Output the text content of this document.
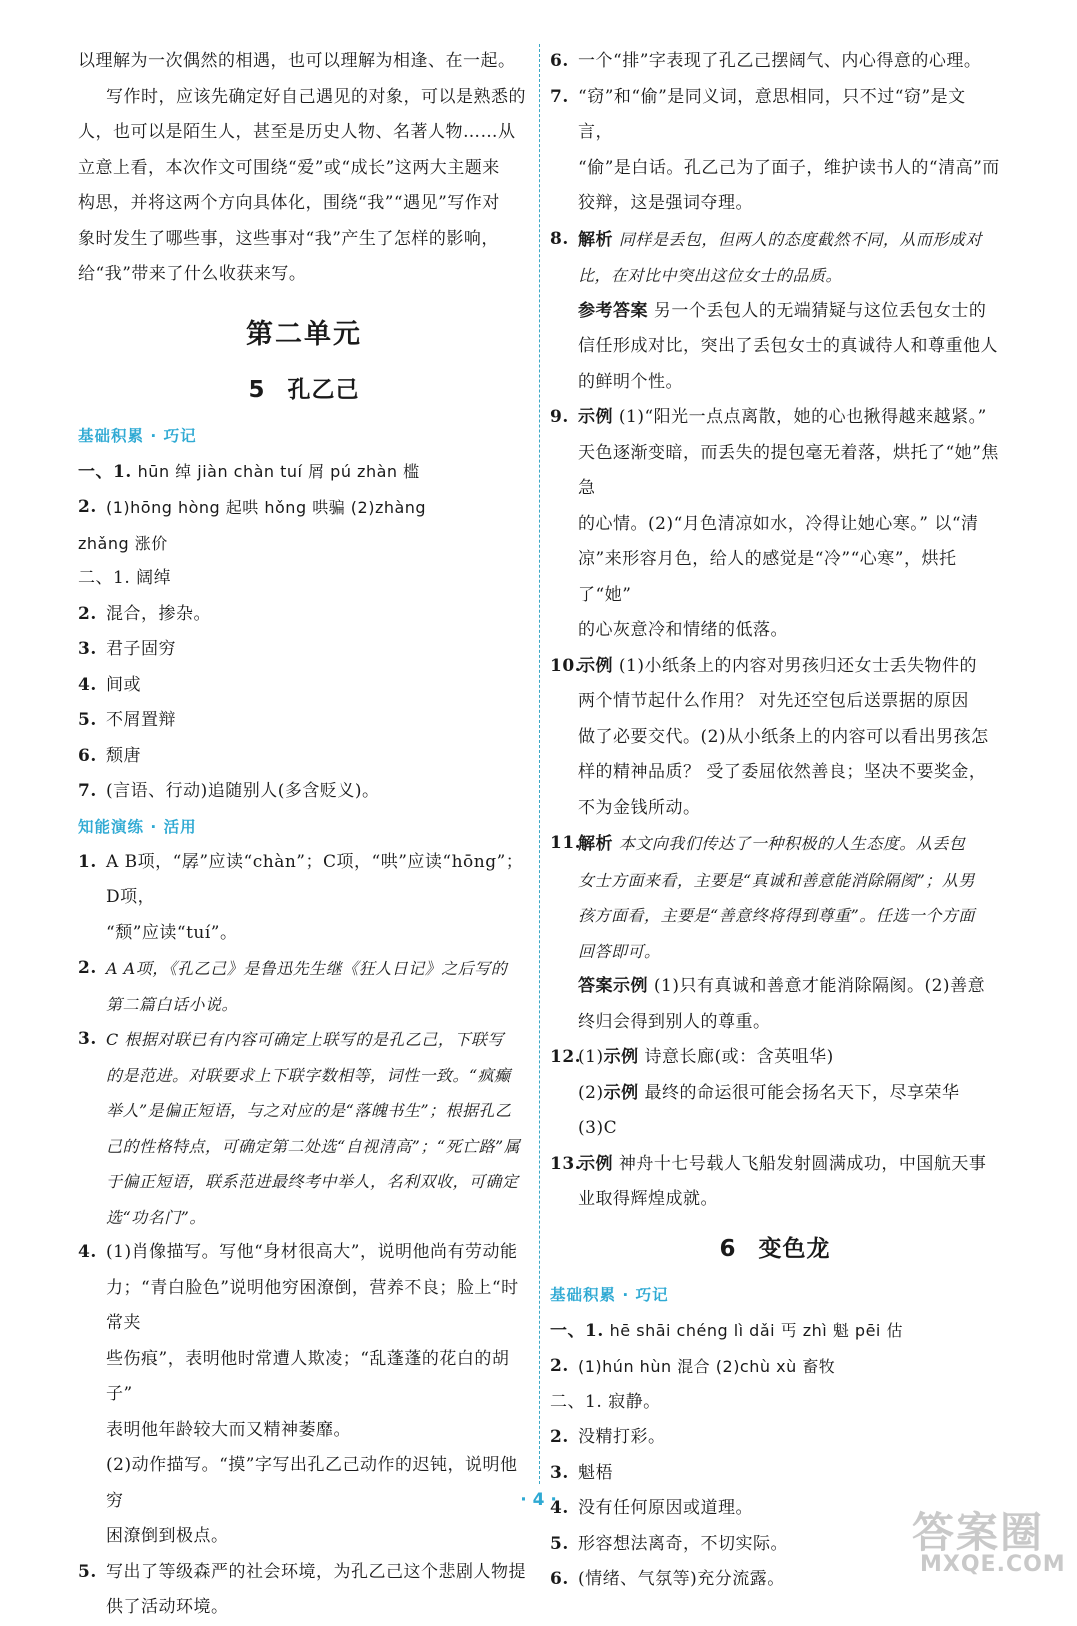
以理解为一次偶然的相遇，也可以理解为相逢、在一起。

写作时，应该先确定好自己遇见的对象，可以是熟悉的

人，也可以是陌生人，甚至是历史人物、名著人物……从

立意上看，本次作文可围绕“爱”或“成长”这两大主题来

构思，并将这两个方向具体化，围绕“我”“遇见”写作对

象时发生了哪些事，这些事对“我”产生了怎样的影响，

给“我”带来了什么收获来写。

第二单元
5 孔乙己
基础积累 · 巧记

一、1. hūn 绰 jiàn chàn tuí 屑 pú zhàn 槛

2. (1)hōng hòng 起哄 hǒng 哄骗 (2)zhàng

zhǎng 涨价

二、1. 阔绰

2. 混合，掺杂。

3. 君子固穷

4. 间或

5. 不屑置辩

6. 颓唐

7. (言语、行动)追随别人(多含贬义)。

知能演练 · 活用
1. A B项，“孱”应读“chàn”；C项，“哄”应读“hōng”；D项，

“颓”应读“tuí”。

2. A A项，《孔乙己》是鲁迅先生继《狂人日记》之后写的

第二篇白话小说。

3. C 根据对联已有内容可确定上联写的是孔乙己，下联写

的是范进。对联要求上下联字数相等，词性一致。“疯癫

举人”是偏正短语，与之对应的是“落魄书生”；根据孔乙

己的性格特点，可确定第二处选“自视清高”；“死亡路”属

于偏正短语，联系范进最终考中举人，名利双收，可确定

选“功名门”。

4. (1)肖像描写。写他“身材很高大”，说明他尚有劳动能

力；“青白脸色”说明他穷困潦倒，营养不良；脸上“时常夹

些伤痕”，表明他时常遭人欺凌；“乱蓬蓬的花白的胡子”

表明他年龄较大而又精神萎靡。

(2)动作描写。“摸”字写出孔乙己动作的迟钝，说明他穷

困潦倒到极点。

5. 写出了等级森严的社会环境，为孔乙己这个悲剧人物提

供了活动环境。

6. 一个“排”字表现了孔乙己摆阔气、内心得意的心理。

7. “窃”和“偷”是同义词，意思相同，只不过“窃”是文言，

“偷”是白话。孔乙己为了面子，维护读书人的“清高”而

狡辩，这是强词夺理。

8. 解析 同样是丢包，但两人的态度截然不同，从而形成对

比，在对比中突出这位女士的品质。

参考答案 另一个丢包人的无端猜疑与这位丢包女士的

信任形成对比，突出了丢包女士的真诚待人和尊重他人

的鲜明个性。

9. 示例 (1)“阳光一点点离散，她的心也揪得越来越紧。”

天色逐渐变暗，而丢失的提包毫无着落，烘托了“她”焦急

的心情。(2)“月色清凉如水，冷得让她心寒。” 以“清

凉”来形容月色，给人的感觉是“冷”“心寒”，烘托了“她”

的心灰意冷和情绪的低落。

10.

示例 (1)小纸条上的内容对男孩归还女士丢失物件的

两个情节起什么作用？ 对先还空包后送票据的原因

做了必要交代。(2)从小纸条上的内容可以看出男孩怎

样的精神品质？ 受了委屈依然善良；坚决不要奖金，

不为金钱所动。

11.

解析 本文向我们传达了一种积极的人生态度。从丢包

女士方面来看，主要是“真诚和善意能消除隔阂”；从男

孩方面看，主要是“善意终将得到尊重”。任选一个方面

回答即可。

答案示例 (1)只有真诚和善意才能消除隔阂。(2)善意

终归会得到别人的尊重。

12.

(1)示例 诗意长廊(或：含英咀华)

(2)示例 最终的命运很可能会扬名天下，尽享荣华

(3)C

13.

示例 神舟十七号载人飞船发射圆满成功，中国航天事

业取得辉煌成就。

6 变色龙
基础积累 · 巧记

一、1. hē shāi chéng lì dǎi 丐 zhì 魁 pēi 估

2. (1)hún hùn 混合 (2)chù xù 畜牧

二、1. 寂静。

2. 没精打彩。

3. 魁梧

4. 没有任何原因或道理。

5. 形容想法离奇，不切实际。

6. (情绪、气氛等)充分流露。

· 4 ·
答案圈
MXQE.COM
